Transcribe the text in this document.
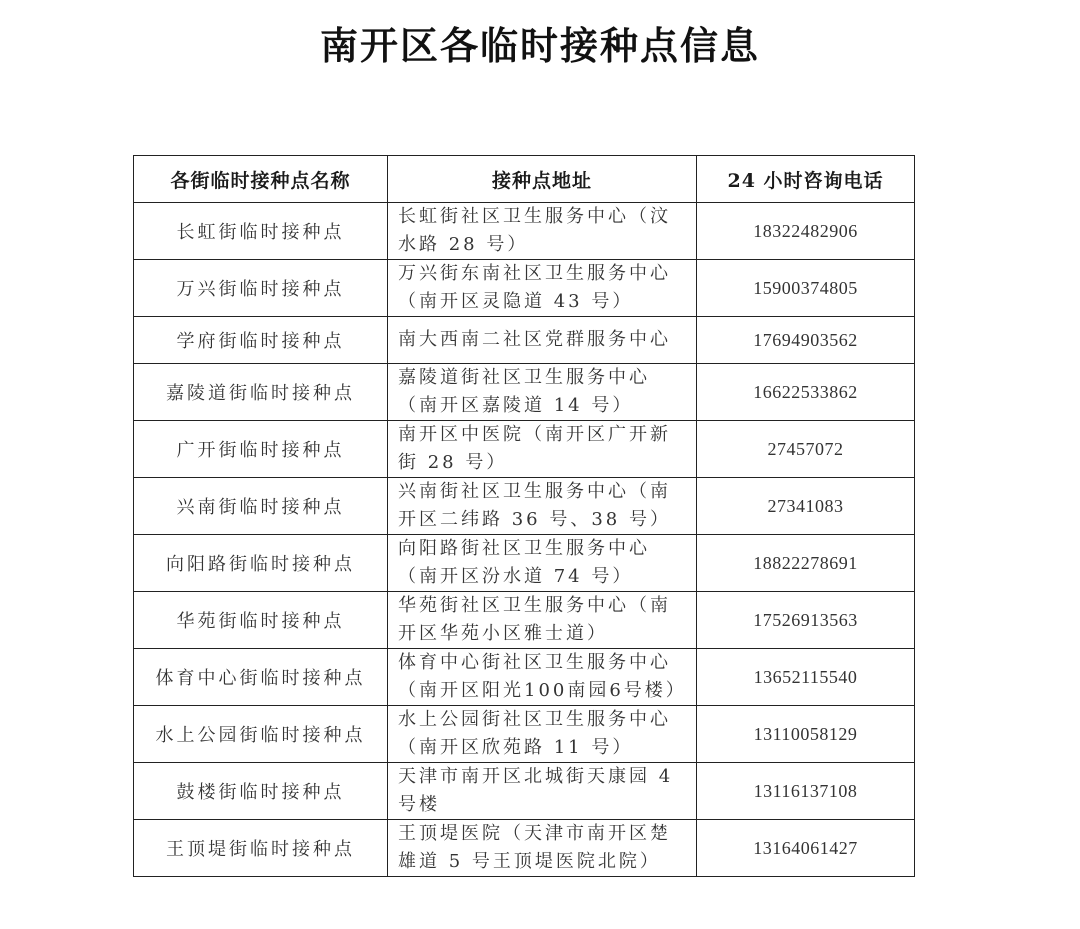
南开区各临时接种点信息
各街临时接种点名称	接种点地址	24 小时咨询电话
长虹街临时接种点	长虹街社区卫生服务中心（汶水路 28 号）	18322482906
万兴街临时接种点	万兴街东南社区卫生服务中心（南开区灵隐道 43 号）	15900374805
学府街临时接种点	南大西南二社区党群服务中心	17694903562
嘉陵道街临时接种点	嘉陵道街社区卫生服务中心（南开区嘉陵道 14 号）	16622533862
广开街临时接种点	南开区中医院（南开区广开新街 28 号）	27457072
兴南街临时接种点	兴南街社区卫生服务中心（南开区二纬路 36 号、38 号）	27341083
向阳路街临时接种点	向阳路街社区卫生服务中心（南开区汾水道 74 号）	18822278691
华苑街临时接种点	华苑街社区卫生服务中心（南开区华苑小区雅士道）	17526913563
体育中心街临时接种点	体育中心街社区卫生服务中心（南开区阳光100南园6号楼）	13652115540
水上公园街临时接种点	水上公园街社区卫生服务中心（南开区欣苑路 11 号）	13110058129
鼓楼街临时接种点	天津市南开区北城街天康园 4 号楼	13116137108
王顶堤街临时接种点	王顶堤医院（天津市南开区楚雄道 5 号王顶堤医院北院）	13164061427
